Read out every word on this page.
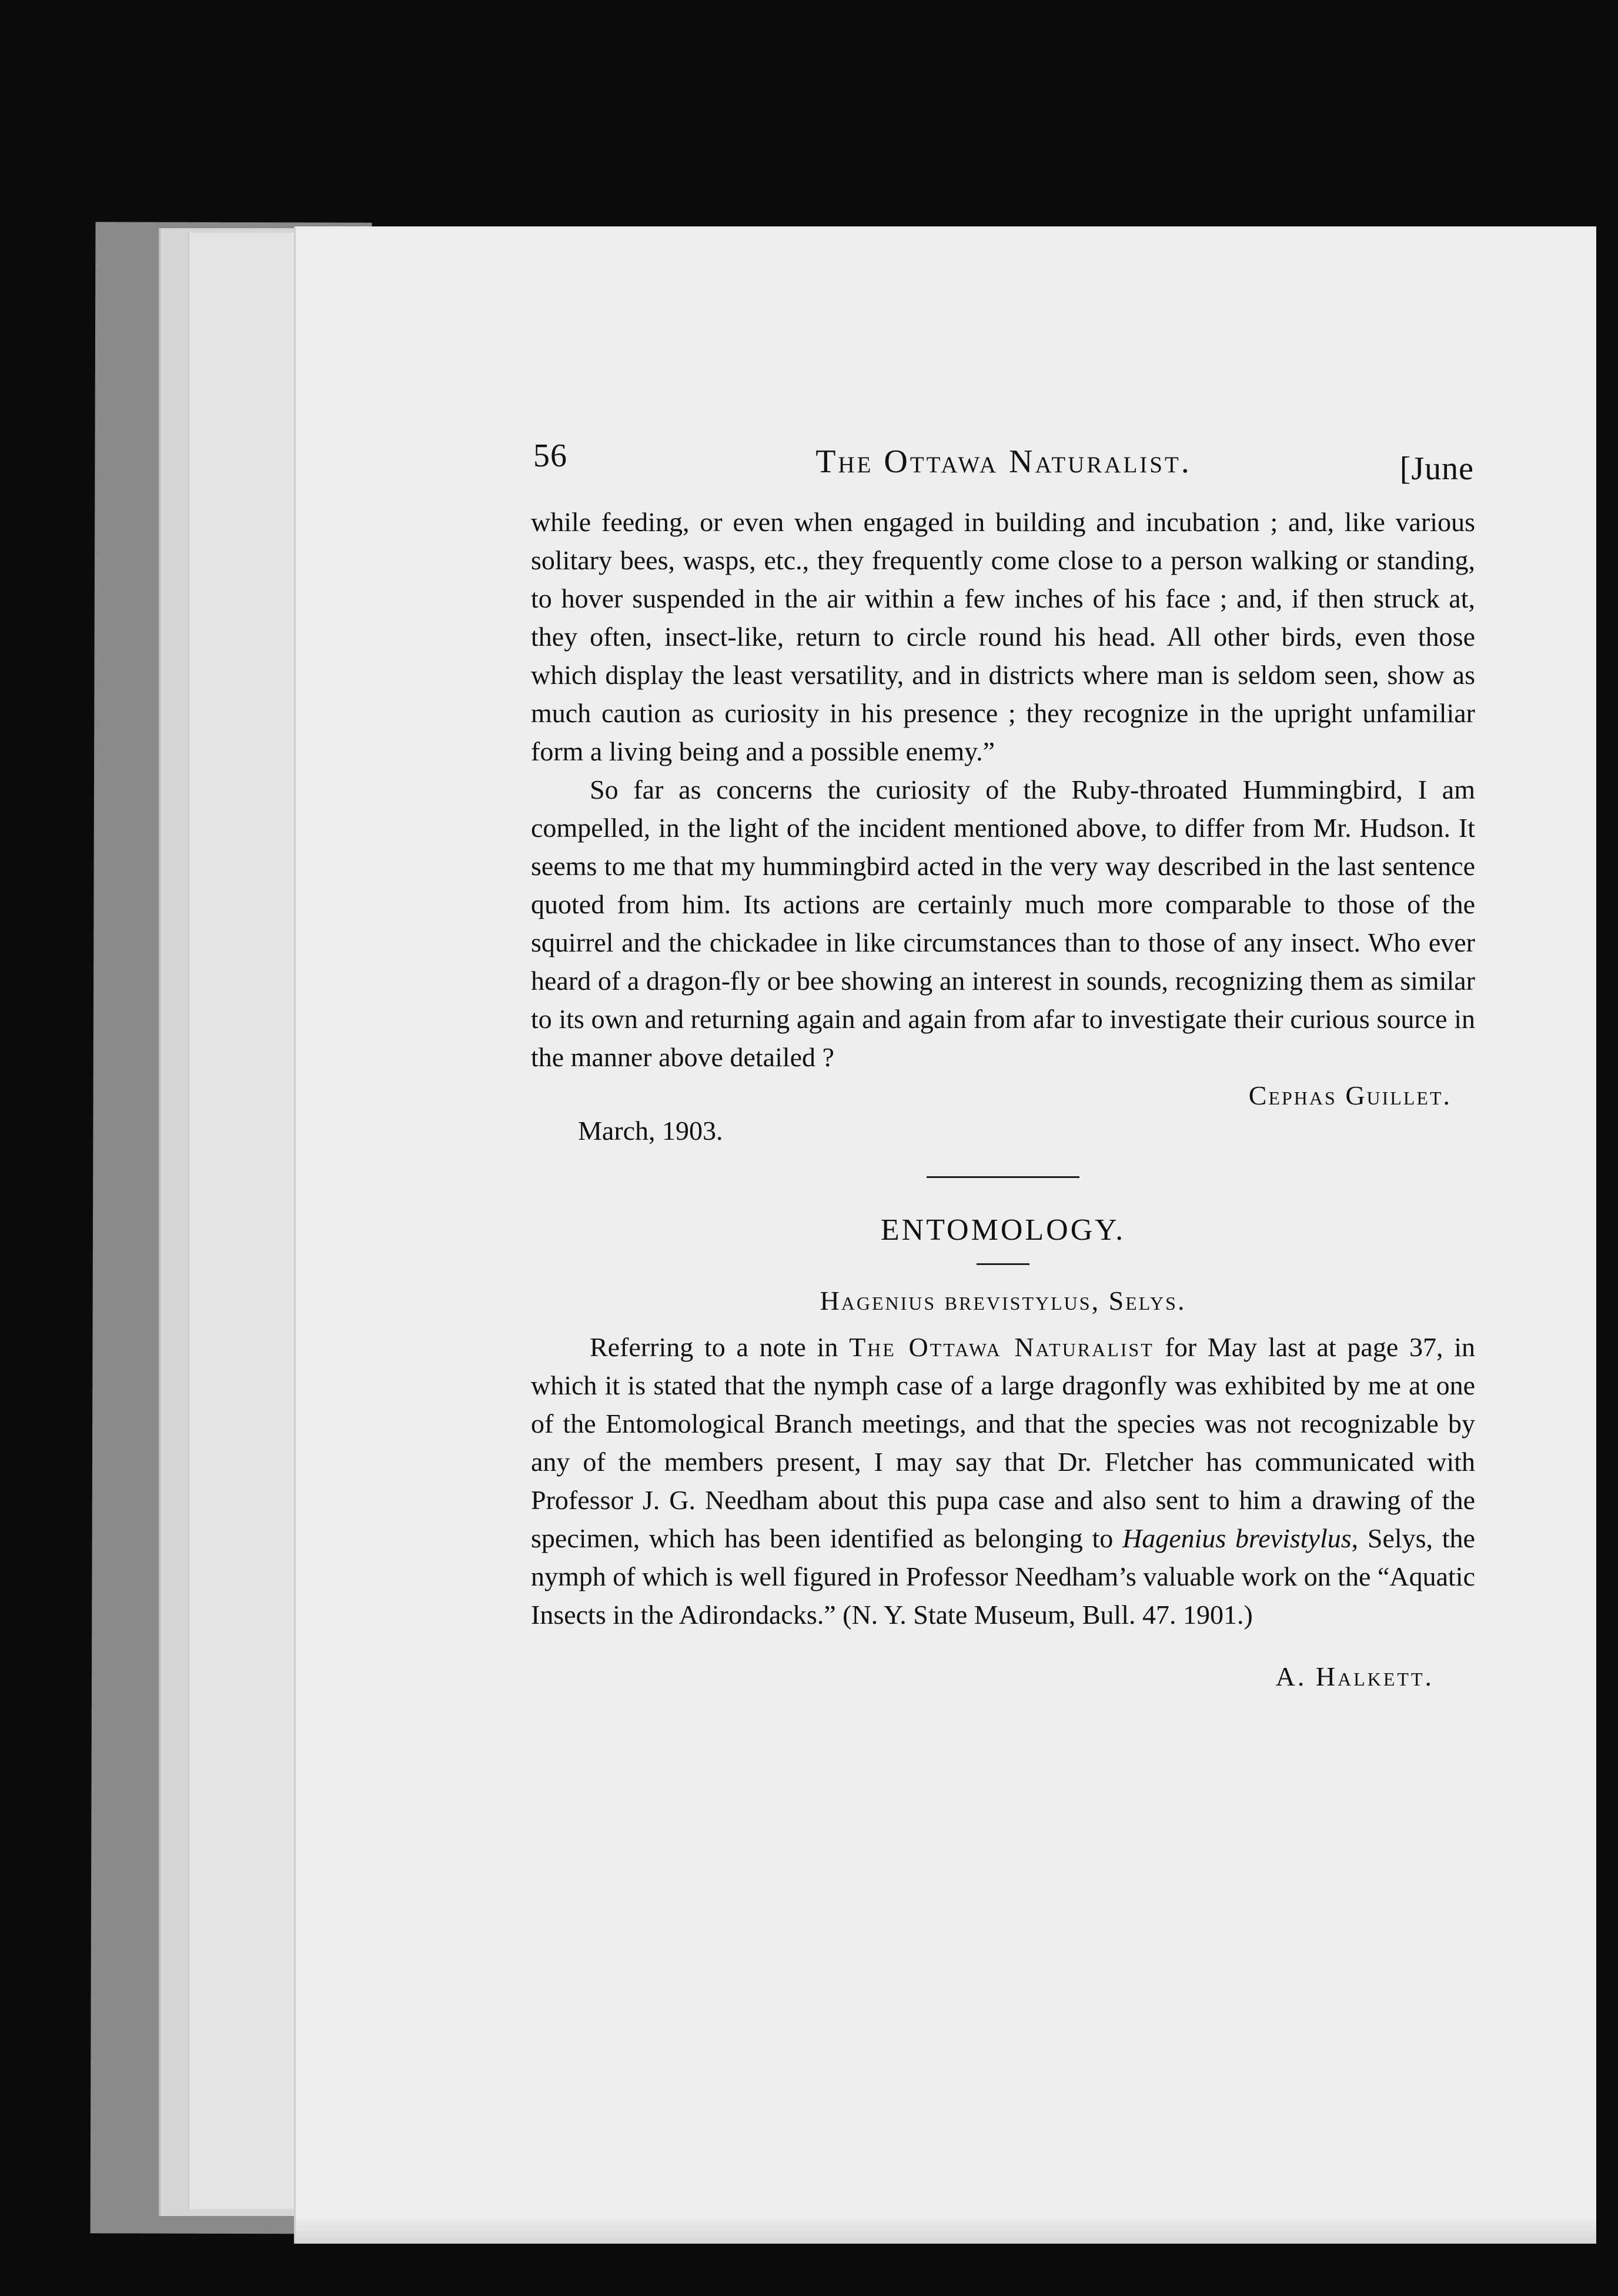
56	The Ottawa Naturalist.	[June

while feeding, or even when engaged in building and incubation ; and, like various solitary bees, wasps, etc., they frequently come close to a person walking or standing, to hover suspended in the air within a few inches of his face ; and, if then struck at, they often, insect-like, return to circle round his head. All other birds, even those which display the least versatility, and in districts where man is seldom seen, show as much caution as curiosity in his presence ; they recognize in the upright unfamiliar form a living being and a possible enemy.”

So far as concerns the curiosity of the Ruby-throated Hummingbird, I am compelled, in the light of the incident mentioned above, to differ from Mr. Hudson. It seems to me that my hummingbird acted in the very way described in the last sentence quoted from him. Its actions are certainly much more comparable to those of the squirrel and the chickadee in like circumstances than to those of any insect. Who ever heard of a dragon-fly or bee showing an interest in sounds, recognizing them as similar to its own and returning again and again from afar to investigate their curious source in the manner above detailed ?

Cephas Guillet.
March, 1903.
ENTOMOLOGY.
Hagenius brevistylus, Selys.

Referring to a note in The Ottawa Naturalist for May last at page 37, in which it is stated that the nymph case of a large dragonfly was exhibited by me at one of the Entomological Branch meetings, and that the species was not recognizable by any of the members present, I may say that Dr. Fletcher has communicated with Professor J. G. Needham about this pupa case and also sent to him a drawing of the specimen, which has been identified as belonging to Hagenius brevistylus, Selys, the nymph of which is well figured in Professor Needham’s valuable work on the “Aquatic Insects in the Adirondacks.” (N. Y. State Museum, Bull. 47. 1901.)

A. Halkett.
